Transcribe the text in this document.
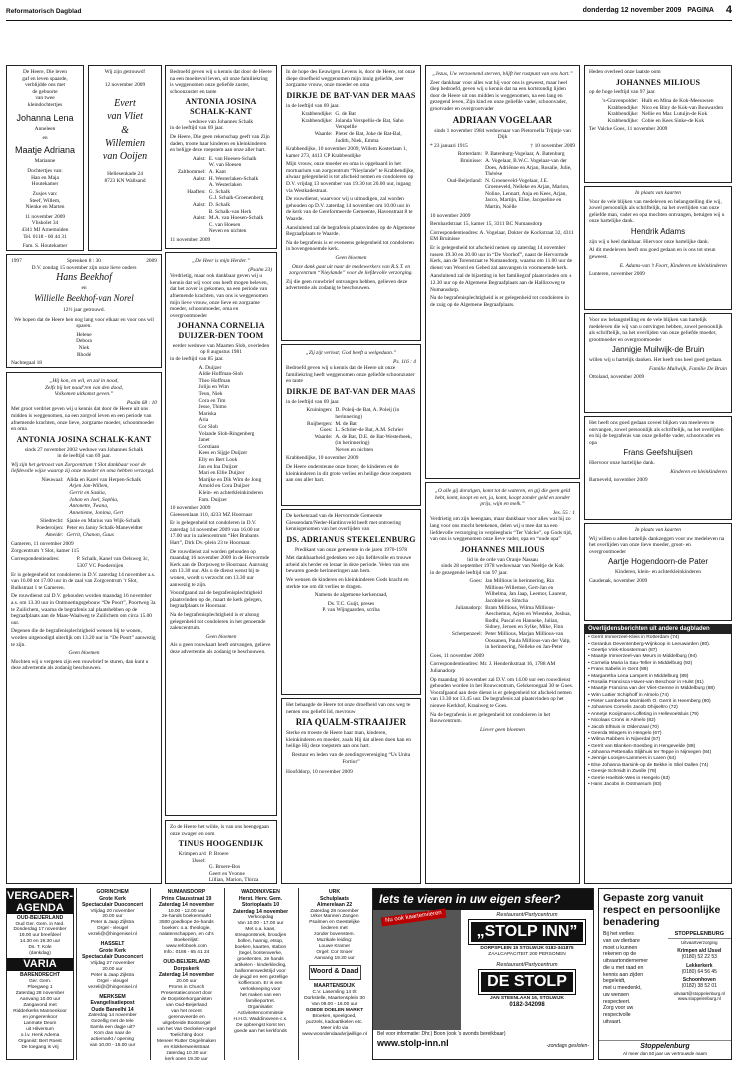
Reformatorisch Dagblad	donderdag 12 november 2009 PAGINA 4
De Heere, Die leven
gaf en leven spaarde,
verblijdde ons met
de geboorte
van twee
kleindochtertjes
Johanna Lena
Anneleen
en
Maatje Adriana
Marianne
Dochtertjes van:
Han en Maja
Houtekamer
Zusjes van:
Steef, Willem,
Nienke en Marten
11 november 2009
Vliskolet 34
4341 MJ Arnemuiden
Tel. 0118 - 60 44 31
Fam. S. Houtekamer
Wij zijn getrouwd!
12 november 2009
Evert
van Vliet
&
Willemien
van Ooijen
Hellesenkade 24
8723 KN Wallsand
1997	Spreuken 8 : 30	2009
D.V. zondag 15 november zijn onze lieve ouders
Hans Beekhof
en
Willielle Beekhof-van Norel
12½ jaar getrouwd.
We hopen dat de Heere hen nog lang voor elkaar en voor ons wil sparen.
Helene
Debora
Niek
Rhodé
Nachtegaal 18
„Hij kon, en wil, en zal in nood,
Zelfs bij het naad’ren van den dood,
Volkomen uitkomst geven.”
Psalm 68 : 10

Met groot verdriet geven wij u kennis dat door de Heere uit ons midden is weggenomen, na een zorgvol leven en een periode van afnemende krachten, onze lieve, zorgzame moeder, schoonmoeder en oma

ANTONIA JOSINA SCHALK-KANT
sinds 27 november 2002 weduwe van Johannes Schalk

in de leeftijd van 69 jaar.

Wij zijn het getroost van Zorgcentrum ’t Slot dankbaar voor de liefdevolle wijze waarop zij onze moeder en oma hebben verzorgd.

Nieuwaal: Alida en Karel van Herpen-Schalk
Arjen Jan-Willem,
Gerrit en Saskia,
Johan en Joel, Sophia,
Antonette, Twana,
Annetieme, Jonima, Gert
Sliedrecht: Sjanie en Marius van Wijk-Schalk
Poederoijen: Peter en Janny Schalk-Maneveldter
Ameide: Gerrit, Chanon, Guus
Gameren, 11 november 2009
Zorgcentrum ’t Slot, kamer 115
Correspondentieadres:	P. Schalk, Kanel van Oelsweg 3c, 5307 VC Poederoijen

Er is gelegenheid tot condoleren in D.V. zaterdag 14 november a.s. van 16.00 tot 17.00 uur in de zaal van Zorgcentrum ’t Slot, Bulkstraat 1 te Gameren.

De rouwdienst zal D.V. gehouden worden maandag 16 november a.s. om 13.30 uur in Ontmoetingsgebouw “De Poort”, Poortweg 3a te Zuilichem, waarna de begrafenis zal plaatshebben op de begraafplaats aan de Maas-Waalweg te Zuilichem om circa 15.00 uur.

Degenen die de begrafenisplechtigheid wensen bij te wonen, worden uitgenodigd uiterlijk om 13.20 uur in “De Poort” aanwezig te zijn.

Geen bloemen

Mochten wij u vergeten zijn een rouwbrief te sturen, dan kunt u deze advertentie als zodanig beschouwen.

Bedroefd geven wij u kennis dat door de Heere na een moeitevol leven, uit onze familiekring is weggenomen onze geliefde zuster, schoonzuster en tante

ANTONIA JOSINA SCHALK-KANT
weduwe van Johannes Schalk

in de leeftijd van 69 jaar.

De Heere, Die geen rekenschap geeft van Zijn daden, troote haar kinderen en kleinkinderen en belijge deze roepstem aan onze aller hart.

Aalst: E. van Hoesen-Schalk
W. van Hoesen
Zaltbommel: A. Kant
Aalst: H. Westerlaken-Schalk
A. Westerlaken
Haaften: G. Schalk
G.J. Schalk-Groenenberg
Aalst: D. Schalk
B. Schalk-van Herk
Aalst: M.A. van Hoesen-Schalk
C. van Hoesen
Neven en nichten
11 november 2009
„De Heer is mijn Herder.”
(Psalm 23)

Verdrietig, maar ook dankbaar geven wij u kennis dat wij voor ons heeft mogen beleven, dat het zover is gekomen, na een periode van afnemende krachten, van ons is weggenomen mijn lieve vrouw, onze lieve en zorgzame moeder, schoonmoeder, oma en overgrootmoeder

JOHANNA CORNELIA DUIJZER-DEN TOOM
eerder weduwe van Maarten Slob, overleden op 8 augustus 1981

in de leeftijd van 85 jaar.

A. Duijzer
Aldie Hoffman-Slob
Theo Hoffman
Joliju en Wim
Teun, Niek
Cora en Tim
Jesse, Thimo
Mariska
Aria
Cor Slob
Yolande Slob-Ringenberg
Janet
Corstiaan
Kees en Sijgje Duijzer
Elly en Bert Look
Jan en Ina Duijzer
Mari en Ellie Duijzer
Marijke en Dik Wim de Jong
Arnold en Cora Duijzer
Klein- en achterkleinkinderen Fam. Duijzer
10 november 2009

Gieessenlaan 110, 4233 MZ Hoornaar

Er is gelegenheid tot condoleren in D.V. zaterdag 14 november 2009 van 16.00 tot 17.00 uur in zalencentrum “Het Brabants Hart”, Dirk Dv.-plein 23 te Hoornaar.

De rouwdienst zal worden gehouden op maandag 16 november 2009 in de Hervormde Kerk aan de Dorpsweg te Hoornaar. Aanvang om 13.30 uur. Als u de dienst wenst bij te wonen, wordt u verzocht om 13.30 uur aanwezig te zijn.

Voorafgaand zal de begrafenisplechtigheid plaatsvinden op de, maart de kerk gelegen, begraafplaats te Hoornaar.

Na de begrafenisplechtigheid is er alsnog gelegenheid tot condoleren in het genoemde zalencentrum.

Geen bloemen

Als u geen rouwkaart heeft ontvangen, gelieve deze advertentie als zodanig te beschouwen.

Zo de Heere het wilde, is van ons heengegaan onze zwager en oom

TINUS HOOGENDIJK
Krimpen a/d IJssel:
P. Broere
G. Broere-Bos
Geert en Yvonne
Lillian, Marion, Thirza

In de hope des Eeuwigen Levens is, door de Heere, tot onze diepe droefheid weggenomen mijn innig geliefde, zeer zorgzame vrouw, onze moeder en oma

DIRKJE DE BAT-VAN DER MAAS

in de leeftijd van 69 jaar.

Krabbendijke: G. de Bat
Krabbendijke: Jolanda Verspellis-de Bat, Saho Verspellle
Waarde: Pieter de Bat, Joke de Bat-Bal, Judith, Niek, Emma

Krabbendijke, 10 november 2009, Willem Kosterlaan 1, kamer 273, 4413 CP Krabbendijke

Mijn vrouw, onze moeder en oma is opgebaard in het mortuarium van zorgcentrum “Nieylande” te Krabbendijke, alwaar gelegenheid is tot afscheid nemen en condoleren op D.V. vrijdag 13 november van 19.30 tot 20.00 uur, ingang via Westkadestraat.

De rouwdienst, waarvoor wij u uitnodigen, zal worden gehouden op D.V. zaterdag 14 november om 10.00 uur in de kerk van de Gereformeerde Gemeente, Havenstraat 8 te Waarde.

Aansluitend zal de begrafenis plaatsvinden op de Algemene Begraafplaats te Waarde.

Na de begrafenis is er eveneens gelegenheid tot condoleren in bovengenoemde kerk.

Geen bloemen

Onze dank gaat uit naar de medewerkers van R.S.T. en zorgcentrum “Nieylande” voor de liefdevolle verzorging.

Zij die geen rouwbrief ontvangen hebben, gelieven deze advertentie als zodanig te beschouwen.

„Zij zijt verlost; God heeft u welgedaan.”
Ps. 116 : 4

Bedroefd geven wij u kennis dat de Heere uit onze familiekring heeft weggenomen onze geliefde schoonzuster en tante

DIRKJE DE BAT-VAN DER MAAS

in de leeftijd van 69 jaar.

Kruiningen: D. Poleij-de Bat, A. Poleij (in herinnering)
Ruijbergen: M. de Bat
Goes: L. Schrier-de Bat, A.M. Schrier
Waarde: A. de Bat, D.E. de Bat-Westerbeek, (in herinnering)
Neven en nichten

Krabbendijke, 10 november 2009

De Heere ondersteune onze broer, de kinderen en de kleinkinderen in dit grote verlies en heilige deze roepstem aan ons aller hart.

De kerkenraad van de Hervormde Gemeente Giessendam/Neder-Hardinxveld heeft met ontroering kennisgenomen van het overlijden van

DS. ADRIANUS STEKELENBURG

Predikant van onze gemeente in de jaren 1970-1978

Met dankbaarheid gedenken we zijn liefdevolle en trouwe arbeid als herder en leraar in deze periode. Velen van ons bewaren goede herinneringen aan hem.

We wensen de kinderen en kleinkinderen Gods kracht en sterkte toe om dit verlies te dragen.

Namens de algemene kerkenraad,

Ds. T.C. Guijt, preses
P. van Wijngaarden, scriba

Het behaagde de Heere tot onze droefheid van ons weg te nemen ons geliefd lid, mevrouw

RIA QUALM-STRAAIJER

Sterke en troeste de Heere haar man, kinderen, kleinkinderen en moeder, zoals Hij dat alleen doen kan en heilige Hij deze roepstem aan ons hart.

Bestuur en leden van de zendingsvereniging “Us Unita Fortior”

Hoofddorp, 10 november 2009
„Jezus, Uw verzoenend sterven, blijft het rustpunt van ons hart.”

Zeer dankbaar voor alles wat hij voor ons is geweest, maar heel diep bedroefd, geven wij u kennis dat na een kortstondig lijden door de Heere uit ons midden is weggenomen, na een lang en gezegend leven, Zijn kind en onze geliefde vader, schoonvader, grootvader en overgrootvader

ADRIAAN VOGELAAR
sinds 1 november 1984 weduwnaar van Pietornella Trijntje van Dijk
* 23 januari 1915	† 10 november 2009
Rotterdam: P. Batenburg-Vogelaar, A. Batenburg
Bruinisse: A. Vogelaar, B.W.C. Vogelaar-van der Does, Adriënne en Arjan, Rosalie, Julie, Thérèse
Oud-Beijerland: N. Groeneveld-Vogelaar, J.E. Groeneveld, Nelleke en Arjan, Marion, Noline, Lennart, Anja en Kees, Arjan, Jacco, Martijn, Elise, Jacqueline en Martin, Noëlle

10 november 2009

Bernhardstraat 15, kamer 15, 3311 BC Numansdorp

Correspondentieadres: A. Vogelaar, Dokter de Kockstraat 32, 4311 EM Bruinisse

Er is gelegenheid tot afscheid nemen op zaterdag 14 november tussen 19.30 en 20.00 uur in “De Voorhof”, naast de Hervormde Kerk, aan de Torenstraat te Numansdorp, waarna om 11.00 uur de dienst van Woord en Gebed zal aanvangen in voornoemde kerk.

Aansluitend zal de bijzetting in het familiegraf plaatsvinden om ± 12.30 uur op de Algemene Begraafplaats aan de Hallinxweg te Numansdorp.

Na de begrafenisplechtigheid is er gelegenheid tot condoleren in de zuig op de Algemene Begraafplaats.

„O alle gij dorstigen, komt tot de wateren, en gij die geen geld hebt, komt, koopt en eet, ja, komt, koopt zonder geld en zonder prijs, wijn en melk.”
Jes. 55 : 1

Verdrietig om zijn heengaan, maar dankbaar voor alles wat hij zo lang voor ons mocht betekenen, delen wij u mee dat na een liefdevolle verzorging in verpleeghuis “Ter Valcke”, op Gods tijd, van ons is weggenomen onze lieve vader, opa en “oude opa”

JOHANNES MILIOUS
lid in de orde van Oranje Nassau
sinds 28 september 1978 weduwnaar van Neeltje de Kok

in de gezegende leeftijd van 97 jaar.

Goes: Jan Millious in herinnering, Ria Millious-Willemse, Gert-Jan en Wilhelma, Jan Jaap, Leemor, Laurent, Jacobine en Simcha
Julianadorp: Bram Millious, Wilma Millious-Aeschemus, Arjen en Wiesteke, Joshua, Bodhi, Pascal en Hanneke, Julian, Sidney, Jeroen en Sylke, Mike, Finn
Scherpenzeel: Peter Millious, Marjan Millious-van Oossanen, Paula Millious-van der Valp, in herinnering, Nelleke en Jan-Peter

Goes, 11 november 2009

Correspondentieadres: Mr. J. Henderikstraat 16, 1788 AM Julianadorp

Op maandag 16 november zal D.V. om 14.00 uur een rouwdienst gehouden worden in het Rouwcentrum, Gelskeroegaal 30 te Goes. Voorafgaand aan deze dienst is er gelegenheid tot afscheid nemen van 13.30 tot 13.45 uur. De begrafenis zal plaatsvinden op het nieuwe Kerkhof, Kraaiweg te Goes.

Na de begrafenis is er gelegenheid tot condoleren in het Rouwcentrum.

Liever geen bloemen

Heden overleed onze laatste oom

JOHANNES MILIOUS

op de hoge leeftijd van 97 jaar.

’s-Gravenpolder: Huib en Mina de Kok-Meeuwsen
Krabbendijke: Nico en Biny de Kok-van Bouwarden
Krabbendijke: Nellie en Mar. Lutuijn-de Kok
Krabbendijke: Cobie en Kees Sinke-de Kok

Ter Valcke Goes, 11 november 2009

In plaats van kaarten

Voor de vele blijken van medeleven en belangstelling die wij, zowel persoonlijk als schriftelijk, na het overlijden van onze geliefde man, vader en opa mochten ontvangen, betuigen wij u onze hartelijke dank.

Hendrik Adams

zijn wij u heel dankbaar. Hiervoor onze hartelijke dank.

Al dit medeleven heeft ons goed gedaan en is ons tot steun geweest.

E. Adams-van ’t Foort, Kinderen en kleinkinderen

Lunteren, november 2009

Voor uw belangstelling en de vele blijken van hartelijk medeleven die wij van u ontvingen hebben, zowel persoonlijk als schriftelijk, na het overlijden van onze geliefde moeder, grootmoeder en overgrootmoeder

Jannigje Muilwijk-de Bruin

willen wij u hartelijk danken. Het heeft ons heel goed gedaan.

Familie Muilwijk, Familie De Bruin

Ottoland, november 2009

Het heeft ons goed gedaan zoveel blijken van meeleven te ontvangen, zowel persoonlijk als schriftelijk, na het overlijden en bij de begrafenis van onze geliefde vader, schoonvader en opa

Frans Geefshuijsen

Hiervoor onze hartelijke dank.

Kinderen en kleinkinderen

Barneveld, november 2009

In plaats van kaarten

Wij willen u allen hartelijk dankzeggen voor uw medeleven na het overlijden van onze lieve moeder, groot- en overgrootmoeder

Aartje Hogendoorn-de Pater

Kinderen, klein- en achterkleinkinderen

Gaudenak, november 2009

Overlijdensberichten uit andere dagbladen
• Gerrit Immerzeel-Kleis in Rotterdam (74)
• Gerardus Deventenberg-Wijnkoop in Leeuwarden (80).
• Geertje Vink-Kloosterman (87)
• Maartje Immerzeel-van Meurs in Middelburg (94)
• Cornelia Maria la Sau-Teller in Middelburg (92)
• Frans Sabelis in Gent (89)
• Margaretha Lena Lampert in Middelburg (89)
• Rosalia Francisca Haver-van Beschoor in Hulst (81)
• Maartje Francina van der Vliet-Gemne in Middelburg (88)
• Wim Lattier Schiphoff in Almelo (74)
• Pieter Lambertus Mornkieth O. Gerrit in Heemberg (80)
• Johannes Cornelis Jacob Dhijseltro (72)
• Annetje Kooijmans-Loffeting in Hellevoetsluis (79)
• Nicolaas Crons in Almelo (82)
• Jacob Elhtuis in Oldenzaal (70)
• Geerda Wiegers in Hengelo (67)
• Wilma Rabbers in Nijverdal (57)
• Gerrit van Blanken-Soesbeg in Hengevelde (88)
• Johanna Pettenalla Slijkhuis ter Teppe in Nijmegen (84)
• Jennije Loosjes-Lammers in Laren (64)
• Else Johanna Barsink-op de Bekke in Sliel Dallen (74)
• Geesje Schmidt in Zwolle (78)
• Gerrie Hoeltink-Wes in Hengelo (63)
• Hans Jacobs in Ootmarsum (83)
VERGADER-
AGENDA
OUD-BEIJERLAND
Oud Ger. Gem. in Ned.
Donderdag 17 november
19.00 uur breefdeel
14.30 en 19.30 uur
Ds. T. Kole
(dankdag)
VARIA
BARENDRECHT
Ger. Gem.
Ploegweg 1
Zaterdag 28 november
Aanvang 10.00 uur
Zangavond met
Ridderkerks Mannenkoor
en jongerenkoor
Lanmate Deum
uit Hilversum
o.l.v. Henk Adema
Organist: Bert Roest
De toegang is vrij
GORINCHEM
Grote Kerk
Spectaculair Duoconcert
Vrijdag 20 november
20.00 uur
Peter & Jaap Zijlstra
Orgel - vleugel
vezeli@@hingenisel.nl
HASSELT
Grote Kerk
Spectaculair Duoconcert
Vrijdag 27 november
20.00 uur
Peter & Jaap Zijlstra
Orgel - vleugel
vezeli@@hingenisel.nl
MERKSEM
Evangelisatiepost
Oude Bareelhi 14
Zaterdag 14 november
Gezellig met de tele
Samla een dagje uit?
Kom dan naar de
actiemarkt / opening
van 10.00 - 15.00 uur
NUMANSDORP
Prins Clausstraat 19
Zaterdag 14 november
10.00 - 12.00 uur
2e-hands boekenmarkt
3500 goedkope 2e-hands
boeken: o.a. theologie,
nalatenschappen, en cd’s
Boekenlijst:
www.refoboek.com
Info.: 0186 - 65 41 24
OUD-BEIJERLAND
Dorpskerk
Zaterdag 14 november
20.00 uur
Proms in Church
Presentatieconcert door
de Dorpskerkorganisten
van Oud-Beijerland
van het recent
gerenoveerde en
uitgebreide Bootsorgel
van het Van Oeckelen-orgel
Toelichting door
Meneer Rutter Ongelmaken
en Klokkenweisstraat
zaterdag 10.30 uur
kerk open 19.30 uur
WADDINXVEEN
Herst. Herv. Gem.
Storioplaats 10
Zaterdag 14 november
Verkoopdag
Van 10.00 - 17.00 uur
Met o.a. kaas,
streapontsnek, broodjes
bollen, hannig, etsop,
boeken, kaarten, stabon
(tegel, bontenwerke,
groeitenten, 2e hands
artikelen - kinderkleding,
ballonnenwedstrijd voor
de jeugd en een gezellige
koffieroom. Er is een
verloskeeping voor
het maken van een
familieportret.
Organisatie:
Activiteitencommissie
H.H.G. Waddinxveen-c.s.
De opbrengst komt ten
goede aan het kerkfonds
URK
Schulplaats
Almerelaan 22
Zaterdag 28 november
Urker Mannen Zangen
Psalmen en Geestelijke
liederen met
zonder bovenstem.
Muzikale leiding:
Louwe Kramer
Orgel: Cor Snoer
Aanvang 19.30 uur
Woord & Daad
MAARTENSDIJK
C.V. Lasemling 14 t/t
Dorkstelle, Maartensplein 30
Van 09.00 - 16.00 uur
GOEDE DOELEN MARKT
Broeken, speelgoed,
puzzels, kadoartikelen etc.
Meer info via
www.woordendaadvrijwillige.nl
Iets te vieren in uw eigen sfeer?
Nu ook kaartenvieren	Restaurant/Partycentrum
„STOLP INN”
DORPSPLEIN 15 STOLWIJK 0182-341875
ZAALCAPACITEIT 200 PERSONEN
Restaurant/Partycentrum
DE STOLP
JAN STEENLAAN 16, STOLWIJK
0182-342098
Bel voor informatie: Dhr.) Boon (ook ’s avonds bereikbaar)
www.stolp-inn.nl	-zondags gesloten-
Gepaste zorg vanuit respect en persoonlijke benadering
Bij het verlies
van uw dierbare
moet u kunnen
rekenen op de
uitvaartondernemer
die u met raad en
kennis aan zijden
begeleidt,
met u meedenkt,
uw wensen
respecteert.
Zorg voor uw
respectvolle
uitvaart.
STOPPELENBURG
Uitvaartverzorging
Krimpen a/d IJssel
(0180) 52 22 53
Lekkerkerk
(0180) 64 56 45
Schoonhoven
(0182) 38 52 01
uitvaart@stoppelenburg.nl
www.stoppelenburg.nl
Stoppelenburg
Al meer dan 50 jaar uw vertrouwde naam
